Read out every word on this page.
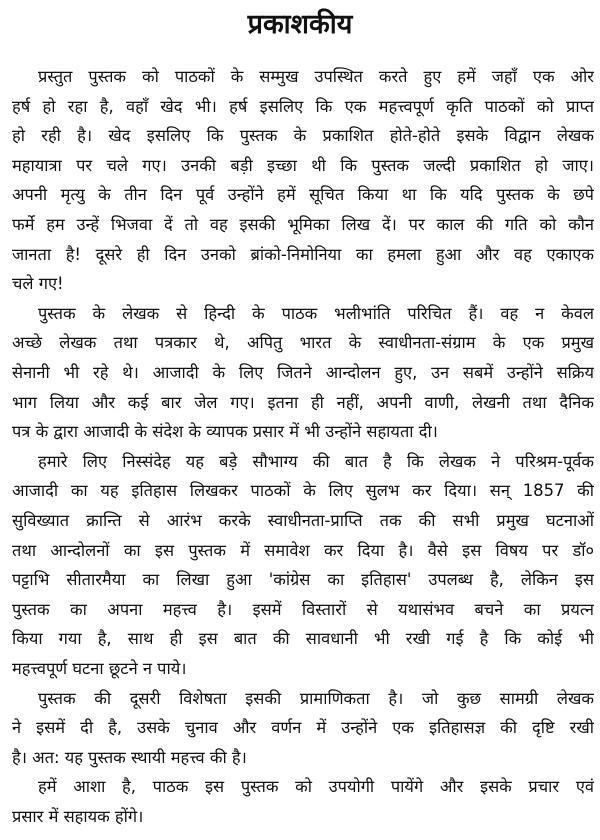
प्रकाशकीय

प्रस्तुत पुस्तक को पाठकों के सम्मुख उपस्थित करते हुए हमें जहाँ एक ओर

हर्ष हो रहा है, वहाँ खेद भी। हर्ष इसलिए कि एक महत्त्वपूर्ण कृति पाठकों को प्राप्त

हो रही है। खेद इसलिए कि पुस्तक के प्रकाशित होते-होते इसके विद्वान लेखक

महायात्रा पर चले गए। उनकी बड़ी इच्छा थी कि पुस्तक जल्दी प्रकाशित हो जाए।

अपनी मृत्यु के तीन दिन पूर्व उन्होंने हमें सूचित किया था कि यदि पुस्तक के छपे

फर्मे हम उन्हें भिजवा दें तो वह इसकी भूमिका लिख दें। पर काल की गति को कौन

जानता है! दूसरे ही दिन उनको ब्रांको-निमोनिया का हमला हुआ और वह एकाएक

चले गए!

पुस्तक के लेखक से हिन्दी के पाठक भलीभांति परिचित हैं। वह न केवल

अच्छे लेखक तथा पत्रकार थे, अपितु भारत के स्वाधीनता-संग्राम के एक प्रमुख

सेनानी भी रहे थे। आजादी के लिए जितने आन्दोलन हुए, उन सबमें उन्होंने सक्रिय

भाग लिया और कई बार जेल गए। इतना ही नहीं, अपनी वाणी, लेखनी तथा दैनिक

पत्र के द्वारा आजादी के संदेश के व्यापक प्रसार में भी उन्होंने सहायता दी।

हमारे लिए निस्संदेह यह बड़े सौभाग्य की बात है कि लेखक ने परिश्रम-पूर्वक

आजादी का यह इतिहास लिखकर पाठकों के लिए सुलभ कर दिया। सन् 1857 की

सुविख्यात क्रान्ति से आरंभ करके स्वाधीनता-प्राप्ति तक की सभी प्रमुख घटनाओं

तथा आन्दोलनों का इस पुस्तक में समावेश कर दिया है। वैसे इस विषय पर डॉ०

पट्टाभि सीतारमैया का लिखा हुआ 'कांग्रेस का इतिहास' उपलब्ध है, लेकिन इस

पुस्तक का अपना महत्त्व है। इसमें विस्तारों से यथासंभव बचने का प्रयत्न

किया गया है, साथ ही इस बात की सावधानी भी रखी गई है कि कोई भी

महत्त्वपूर्ण घटना छूटने न पाये।

पुस्तक की दूसरी विशेषता इसकी प्रामाणिकता है। जो कुछ सामग्री लेखक

ने इसमें दी है, उसके चुनाव और वर्णन में उन्होंने एक इतिहासज्ञ की दृष्टि रखी

है। अत: यह पुस्तक स्थायी महत्त्व की है।

हमें आशा है, पाठक इस पुस्तक को उपयोगी पायेंगे और इसके प्रचार एवं

प्रसार में सहायक होंगे।
